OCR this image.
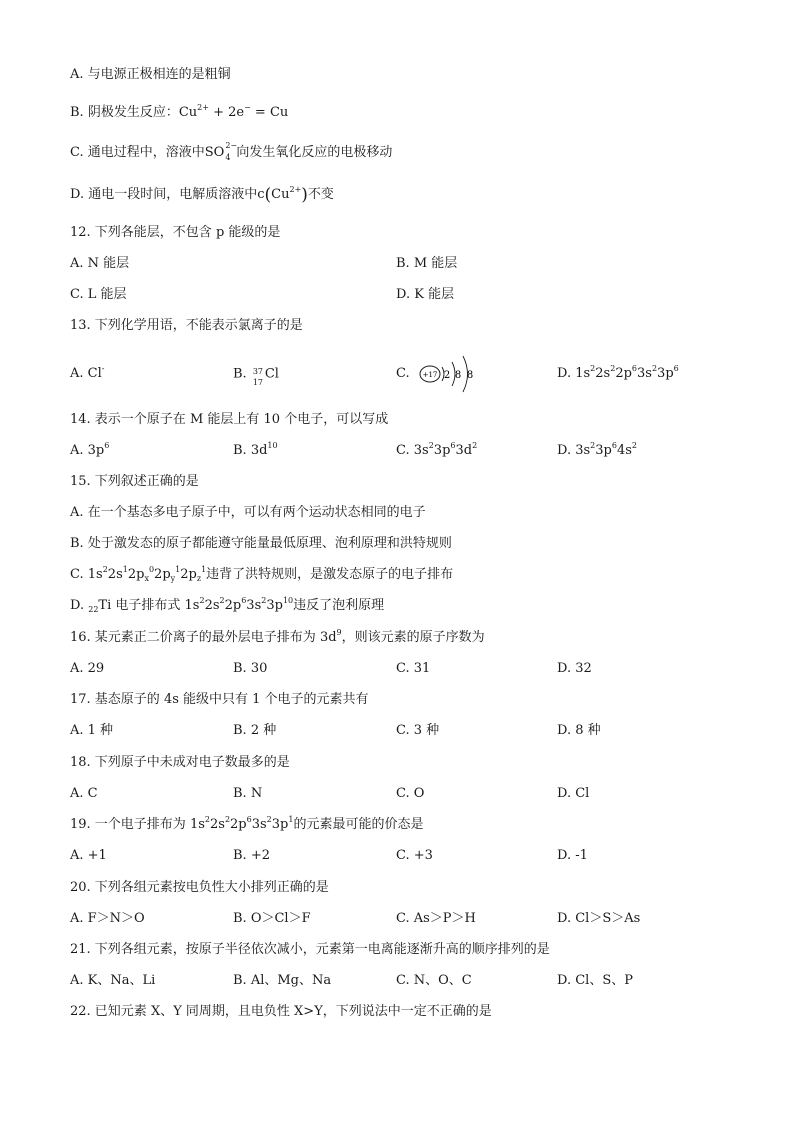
A. 与电源正极相连的是粗铜
B. 阴极发生反应：$Cu^{2+} + 2e^- = Cu$
C. 通电过程中，溶液中SO 2−
4 向发生氧化反应的电极移动
D. 通电一段时间，电解质溶液中$c(Cu^{2+})$不变
12. 下列各能层，不包含 p 能级的是
A. N 能层	B. M 能层
C. L 能层	D. K 能层
13. 下列化学用语，不能表示氯离子的是
A. Cl-	B. 37
17
Cl	C. +17 2 8 8	D. $1s^22s^22p^63s^23p^6$
14. 表示一个原子在 M 能层上有 10 个电子，可以写成
A. $3p^6$	B. $3d^{10}$	C. $3s^23p^63d^2$	D. $3s^23p^64s^2$
15. 下列叙述正确的是
A. 在一个基态多电子原子中，可以有两个运动状态相同的电子
B. 处于激发态的原子都能遵守能量最低原理、泡利原理和洪特规则
C. $1s^22s^12p_x^02p_y^12p_z^1$违背了洪特规则，是激发态原子的电子排布
D. $_{22}$Ti 电子排布式 $1s^22s^22p^63s^23p^{10}$违反了泡利原理
16. 某元素正二价离子的最外层电子排布为 $3d^9$，则该元素的原子序数为
A. 29	B. 30	C. 31	D. 32
17. 基态原子的 4s 能级中只有 1 个电子的元素共有
A. 1 种	B. 2 种	C. 3 种	D. 8 种
18. 下列原子中未成对电子数最多的是
A. C	B. N	C. O	D. Cl
19. 一个电子排布为 $1s^22s^22p^63s^23p^1$的元素最可能的价态是
A. +1	B. +2	C. +3	D. -1
20. 下列各组元素按电负性大小排列正确的是
A. F＞N＞O	B. O＞Cl＞F	C. As＞P＞H	D. Cl＞S＞As
21. 下列各组元素，按原子半径依次减小，元素第一电离能逐渐升高的顺序排列的是
A. K、Na、Li	B. Al、Mg、Na	C. N、O、C	D. Cl、S、P
22. 已知元素 X、Y 同周期，且电负性 X>Y，下列说法中一定不正确的是
